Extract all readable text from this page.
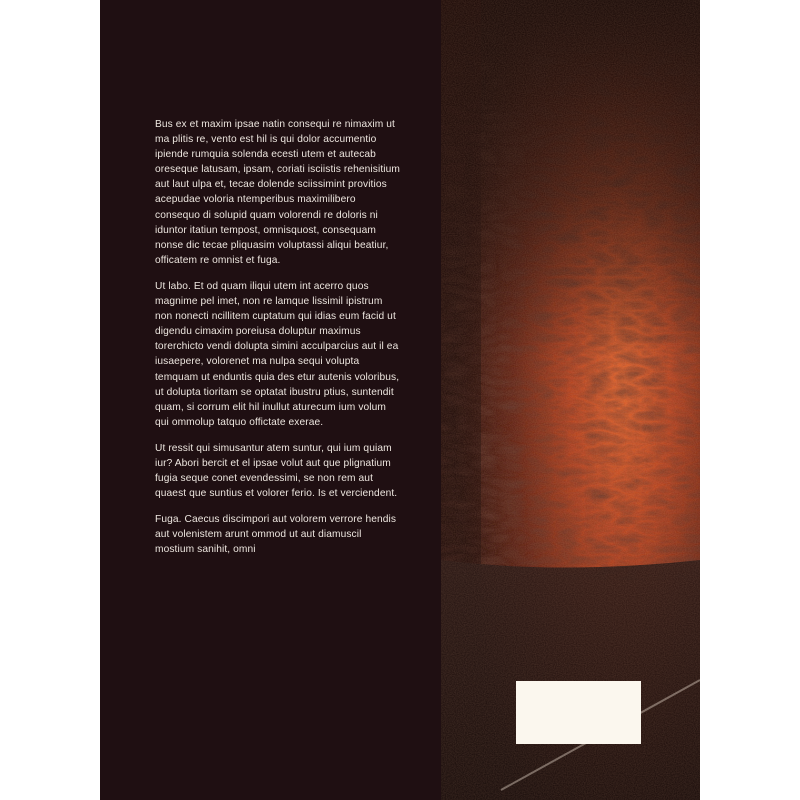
Bus ex et maxim ipsae natin consequi re nimaxim ut ma plitis re, vento est hil is qui dolor accumentio ipiende rumquia solenda ecesti utem et autecab oreseque latusam, ipsam, coriati isciistis rehenisitium aut laut ulpa et, tecae dolende sciissimint provitios acepudae voloria ntemperibus maximilibero consequo di solupid quam volorendi re doloris ni iduntor itatiun tempost, omnisquost, consequam nonse dic tecae pliquasim voluptassi aliqui beatiur, officatem re omnist et fuga.

Ut labo. Et od quam iliqui utem int acerro quos magnime pel imet, non re lamque lissimil ipistrum non nonecti ncillitem cuptatum qui idias eum facid ut digendu cimaxim poreiusa doluptur maximus torerchicto vendi dolupta simini acculparcius aut il ea iusaepere, volorenet ma nulpa sequi volupta temquam ut enduntis quia des etur autenis voloribus, ut dolupta tioritam se optatat ibustru ptius, suntendit quam, si corrum elit hil inullut aturecum ium volum qui ommolup tatquo offictate exerae.

Ut ressit qui simusantur atem suntur, qui ium quiam iur? Abori bercit et el ipsae volut aut que plignatium fugia seque conet evendessimi, se non rem aut quaest que suntius et volorer ferio. Is et verciendent.

Fuga. Caecus discimpori aut volorem verrore hendis aut volenistem arunt ommod ut aut diamuscil mostium sanihit, omni
